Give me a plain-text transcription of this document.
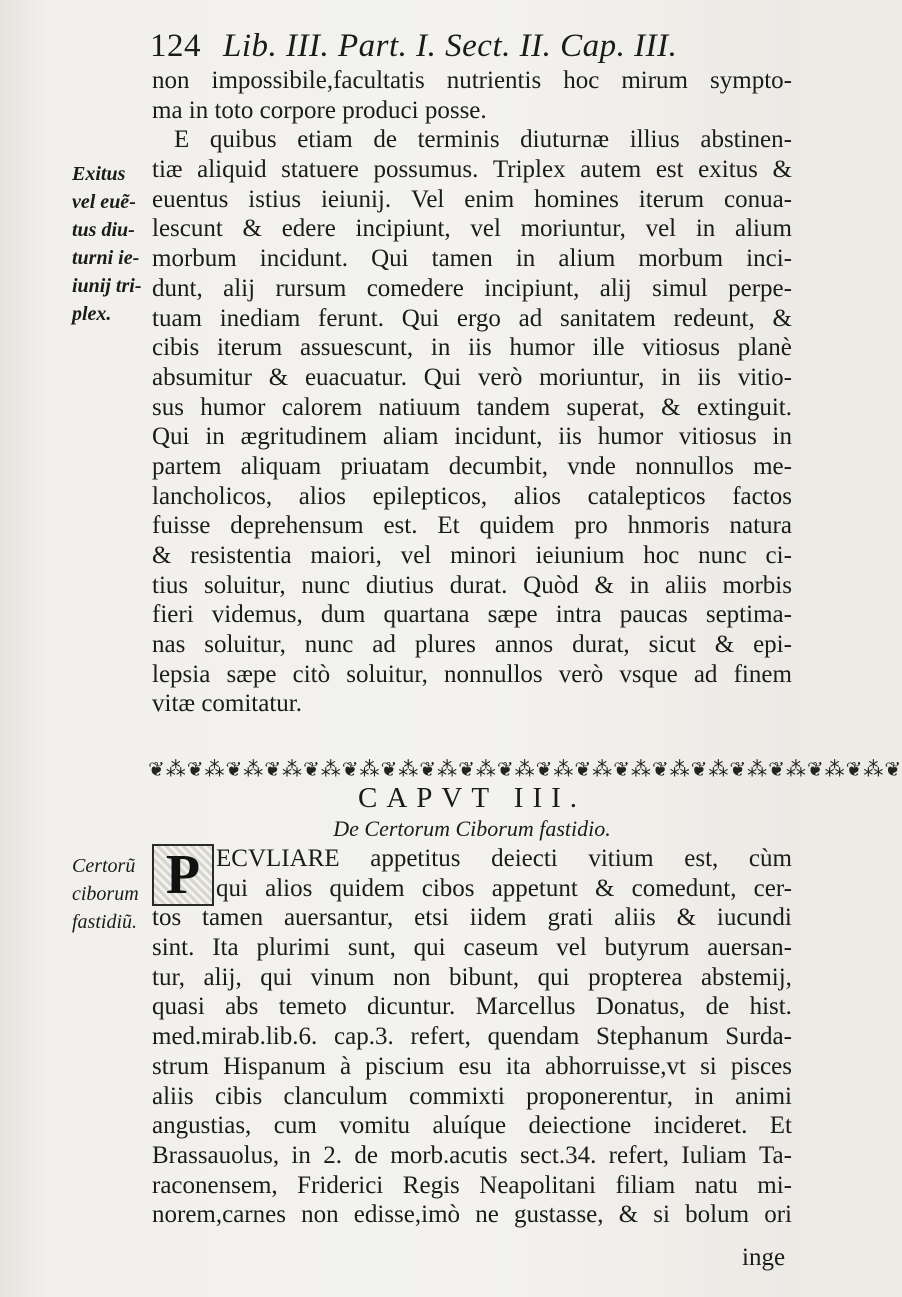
124 Lib. III. Part. I. Sect. II. Cap. III.
non impossibile,facultatis nutrientis hoc mirum sympto-
ma in toto corpore produci posse.
E quibus etiam de terminis diuturnæ illius abstinen-
tiæ aliquid statuere possumus. Triplex autem est exitus &
euentus istius ieiunij. Vel enim homines iterum conua-
lescunt & edere incipiunt, vel moriuntur, vel in alium
morbum incidunt. Qui tamen in alium morbum inci-
dunt, alij rursum comedere incipiunt, alij simul perpe-
tuam inediam ferunt. Qui ergo ad sanitatem redeunt, &
cibis iterum assuescunt, in iis humor ille vitiosus planè
absumitur & euacuatur. Qui verò moriuntur, in iis vitio-
sus humor calorem natiuum tandem superat, & extinguit.
Qui in ægritudinem aliam incidunt, iis humor vitiosus in
partem aliquam priuatam decumbit, vnde nonnullos me-
lancholicos, alios epilepticos, alios catalepticos factos
fuisse deprehensum est. Et quidem pro hnmoris natura
& resistentia maiori, vel minori ieiunium hoc nunc ci-
tius soluitur, nunc diutius durat. Quòd & in aliis morbis
fieri videmus, dum quartana sæpe intra paucas septima-
nas soluitur, nunc ad plures annos durat, sicut & epi-
lepsia sæpe citò soluitur, nonnullos verò vsque ad finem
vitæ comitatur.
Exitus
vel euẽ-
tus diu-
turni ie-
iunij tri-
plex.
❦⁂❦⁂❦⁂❦⁂❦⁂❦⁂❦⁂❦⁂❦⁂❦⁂❦⁂❦⁂❦⁂❦⁂❦⁂❦⁂❦⁂❦⁂❦⁂❦
CAPVT III.
De Certorum Ciborum fastidio.
P
Certorũ
ciborum
fastidiũ.
ECVLIARE appetitus deiecti vitium est, cùm
qui alios quidem cibos appetunt & comedunt, cer-
tos tamen auersantur, etsi iidem grati aliis & iucundi
sint. Ita plurimi sunt, qui caseum vel butyrum auersan-
tur, alij, qui vinum non bibunt, qui propterea abstemij,
quasi abs temeto dicuntur. Marcellus Donatus, de hist.
med.mirab.lib.6. cap.3. refert, quendam Stephanum Surda-
strum Hispanum à piscium esu ita abhorruisse,vt si pisces
aliis cibis clanculum commixti proponerentur, in animi
angustias, cum vomitu aluíque deiectione incideret. Et
Brassauolus, in 2. de morb.acutis sect.34. refert, Iuliam Ta-
raconensem, Friderici Regis Neapolitani filiam natu mi-
norem,carnes non edisse,imò ne gustasse, & si bolum ori
inge
